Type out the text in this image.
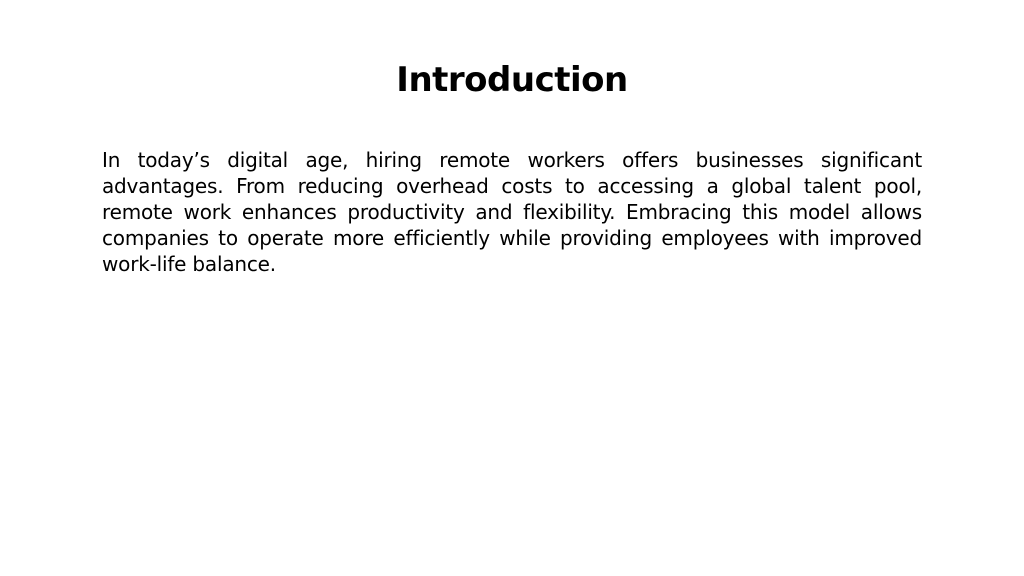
Introduction

In today’s digital age, hiring remote workers offers businesses significant advantages. From reducing overhead costs to accessing a global talent pool, remote work enhances productivity and flexibility. Embracing this model allows companies to operate more efficiently while providing employees with improved work-life balance.
